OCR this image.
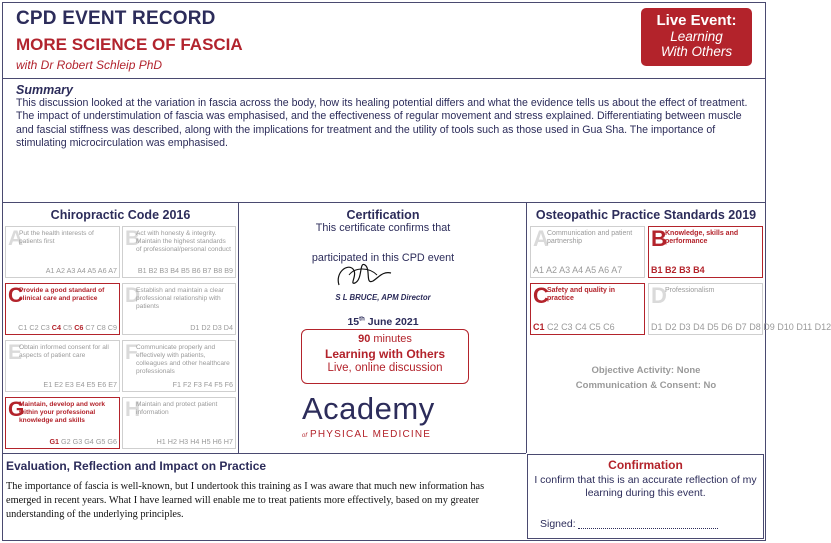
CPD EVENT RECORD
MORE SCIENCE OF FASCIA
with Dr Robert Schleip PhD
Live Event:
Learning
With Others
Summary
This discussion looked at the variation in fascia across the body, how its healing potential differs and what the evidence tells us about the effect of treatment. The impact of understimulation of fascia was emphasised, and the effectiveness of regular movement and stress explained. Differentiating between muscle and fascial stiffness was described, along with the implications for treatment and the utility of tools such as those used in Gua Sha. The importance of stimulating microcirculation was emphasised.
Chiropractic Code 2016
A
Put the health interests of patients first
A1 A2 A3 A4 A5 A6 A7
B
Act with honesty & integrity. Maintain the highest standards of professional/personal conduct
B1 B2 B3 B4 B5 B6 B7 B8 B9
C
Provide a good standard of clinical care and practice
C1 C2 C3 C4 C5 C6 C7 C8 C9
D
Establish and maintain a clear professional relationship with patients
D1 D2 D3 D4
E
Obtain informed consent for all aspects of patient care
E1 E2 E3 E4 E5 E6 E7
F
Communicate properly and effectively with patients, colleagues and other healthcare professionals
F1 F2 F3 F4 F5 F6
G
Maintain, develop and work within your professional knowledge and skills
G1 G2 G3 G4 G5 G6
H
Maintain and protect patient information
H1 H2 H3 H4 H5 H6 H7
Certification
This certificate confirms that
participated in this CPD event
S L BRUCE, APM Director
15th June 2021
90 minutes
Learning with Others
Live, online discussion
Academy
of PHYSICAL MEDICINE
Osteopathic Practice Standards 2019
A
Communication and patient partnership
A1 A2 A3 A4 A5 A6 A7
B
Knowledge, skills and performance
B1 B2 B3 B4
C
Safety and quality in practice
C1 C2 C3 C4 C5 C6
D
Professionalism
D1 D2 D3 D4 D5 D6 D7 D8 D9 D10 D11 D12
Objective Activity: None
Communication & Consent: No
Evaluation, Reflection and Impact on Practice
The importance of fascia is well-known, but I undertook this training as I was aware that much new information has emerged in recent years. What I have learned will enable me to treat patients more effectively, based on my greater understanding of the underlying principles.
Confirmation
I confirm that this is an accurate reflection of my learning during this event.
Signed:
